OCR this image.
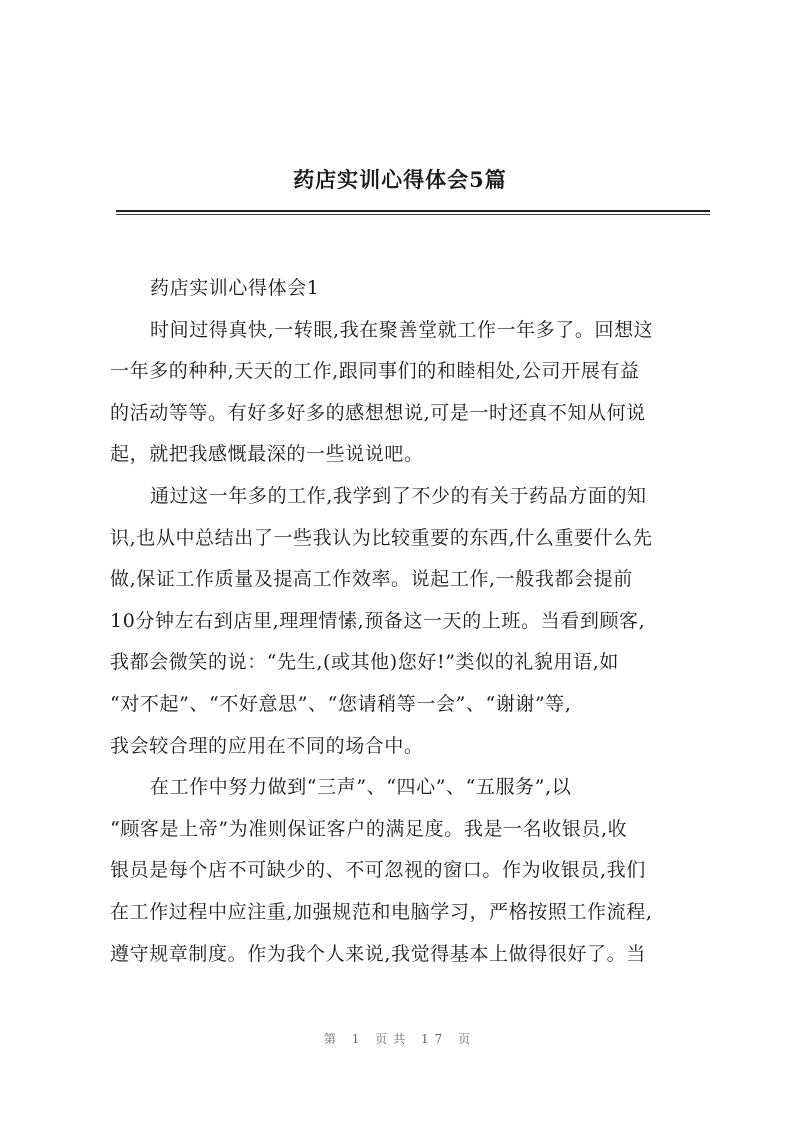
药店实训心得体会5篇
药店实训心得体会1
时间过得真快,一转眼,我在聚善堂就工作一年多了。回想这
一年多的种种,天天的工作,跟同事们的和睦相处,公司开展有益
的活动等等。有好多好多的感想想说,可是一时还真不知从何说
起，就把我感慨最深的一些说说吧。
通过这一年多的工作,我学到了不少的有关于药品方面的知
识,也从中总结出了一些我认为比较重要的东西,什么重要什么先
做,保证工作质量及提高工作效率。说起工作,一般我都会提前
10分钟左右到店里,理理情愫,预备这一天的上班。当看到顾客,
我都会微笑的说：“先生,(或其他)您好!”类似的礼貌用语,如
“对不起”、“不好意思”、“您请稍等一会”、“谢谢”等,
我会较合理的应用在不同的场合中。
在工作中努力做到“三声”、“四心”、“五服务”,以
“顾客是上帝”为准则保证客户的满足度。我是一名收银员,收
银员是每个店不可缺少的、不可忽视的窗口。作为收银员,我们
在工作过程中应注重,加强规范和电脑学习，严格按照工作流程,
遵守规章制度。作为我个人来说,我觉得基本上做得很好了。当
第 1 页共 17 页
